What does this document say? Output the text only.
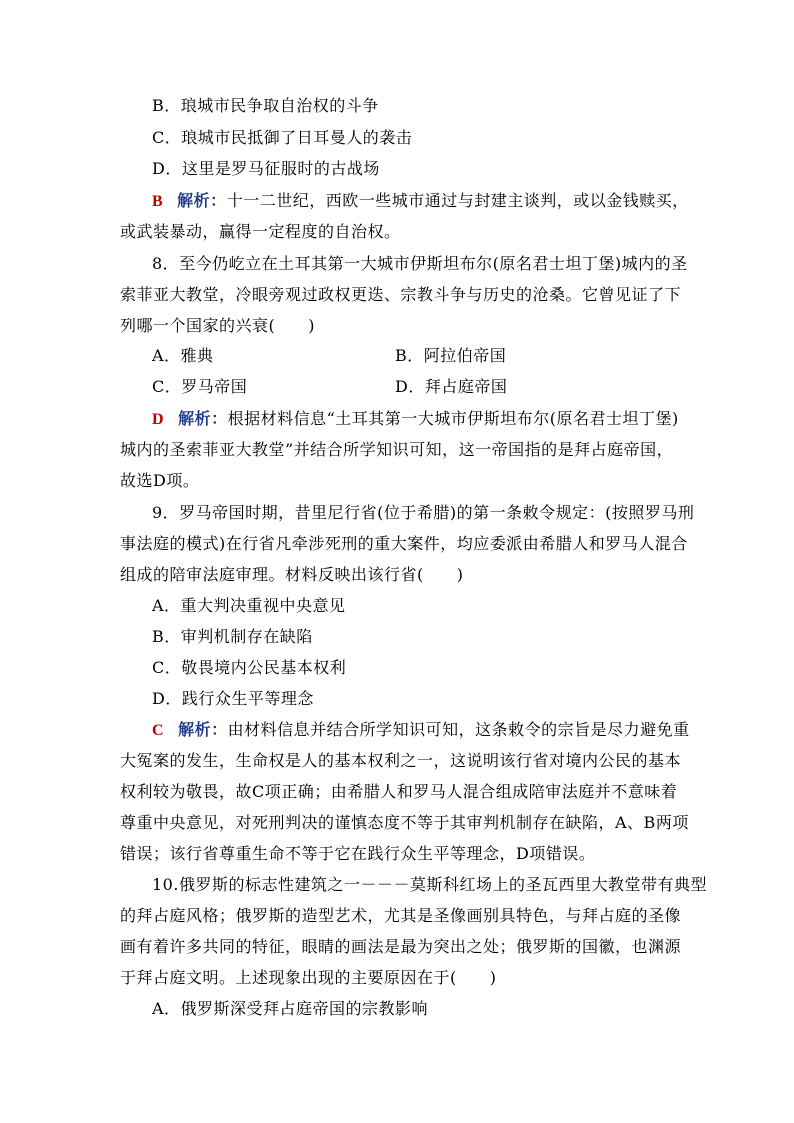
B．琅城市民争取自治权的斗争
C．琅城市民抵御了日耳曼人的袭击
D．这里是罗马征服时的古战场
B 解析：十一二世纪，西欧一些城市通过与封建主谈判，或以金钱赎买，
或武装暴动，赢得一定程度的自治权。
8．至今仍屹立在土耳其第一大城市伊斯坦布尔(原名君士坦丁堡)城内的圣
索菲亚大教堂，冷眼旁观过政权更迭、宗教斗争与历史的沧桑。它曾见证了下
列哪一个国家的兴衰(　　)
A．雅典	B．阿拉伯帝国
C．罗马帝国	D．拜占庭帝国
D 解析：根据材料信息“土耳其第一大城市伊斯坦布尔(原名君士坦丁堡)
城内的圣索菲亚大教堂”并结合所学知识可知，这一帝国指的是拜占庭帝国，
故选D项。
9．罗马帝国时期，昔里尼行省(位于希腊)的第一条敕令规定：(按照罗马刑
事法庭的模式)在行省凡牵涉死刑的重大案件，均应委派由希腊人和罗马人混合
组成的陪审法庭审理。材料反映出该行省(　　)
A．重大判决重视中央意见
B．审判机制存在缺陷
C．敬畏境内公民基本权利
D．践行众生平等理念
C 解析：由材料信息并结合所学知识可知，这条敕令的宗旨是尽力避免重
大冤案的发生，生命权是人的基本权利之一，这说明该行省对境内公民的基本
权利较为敬畏，故C项正确；由希腊人和罗马人混合组成陪审法庭并不意味着
尊重中央意见，对死刑判决的谨慎态度不等于其审判机制存在缺陷，A、B两项
错误；该行省尊重生命不等于它在践行众生平等理念，D项错误。
10.俄罗斯的标志性建筑之一－－－莫斯科红场上的圣瓦西里大教堂带有典型
的拜占庭风格；俄罗斯的造型艺术，尤其是圣像画别具特色，与拜占庭的圣像
画有着许多共同的特征，眼睛的画法是最为突出之处；俄罗斯的国徽，也渊源
于拜占庭文明。上述现象出现的主要原因在于(　　)
A．俄罗斯深受拜占庭帝国的宗教影响
